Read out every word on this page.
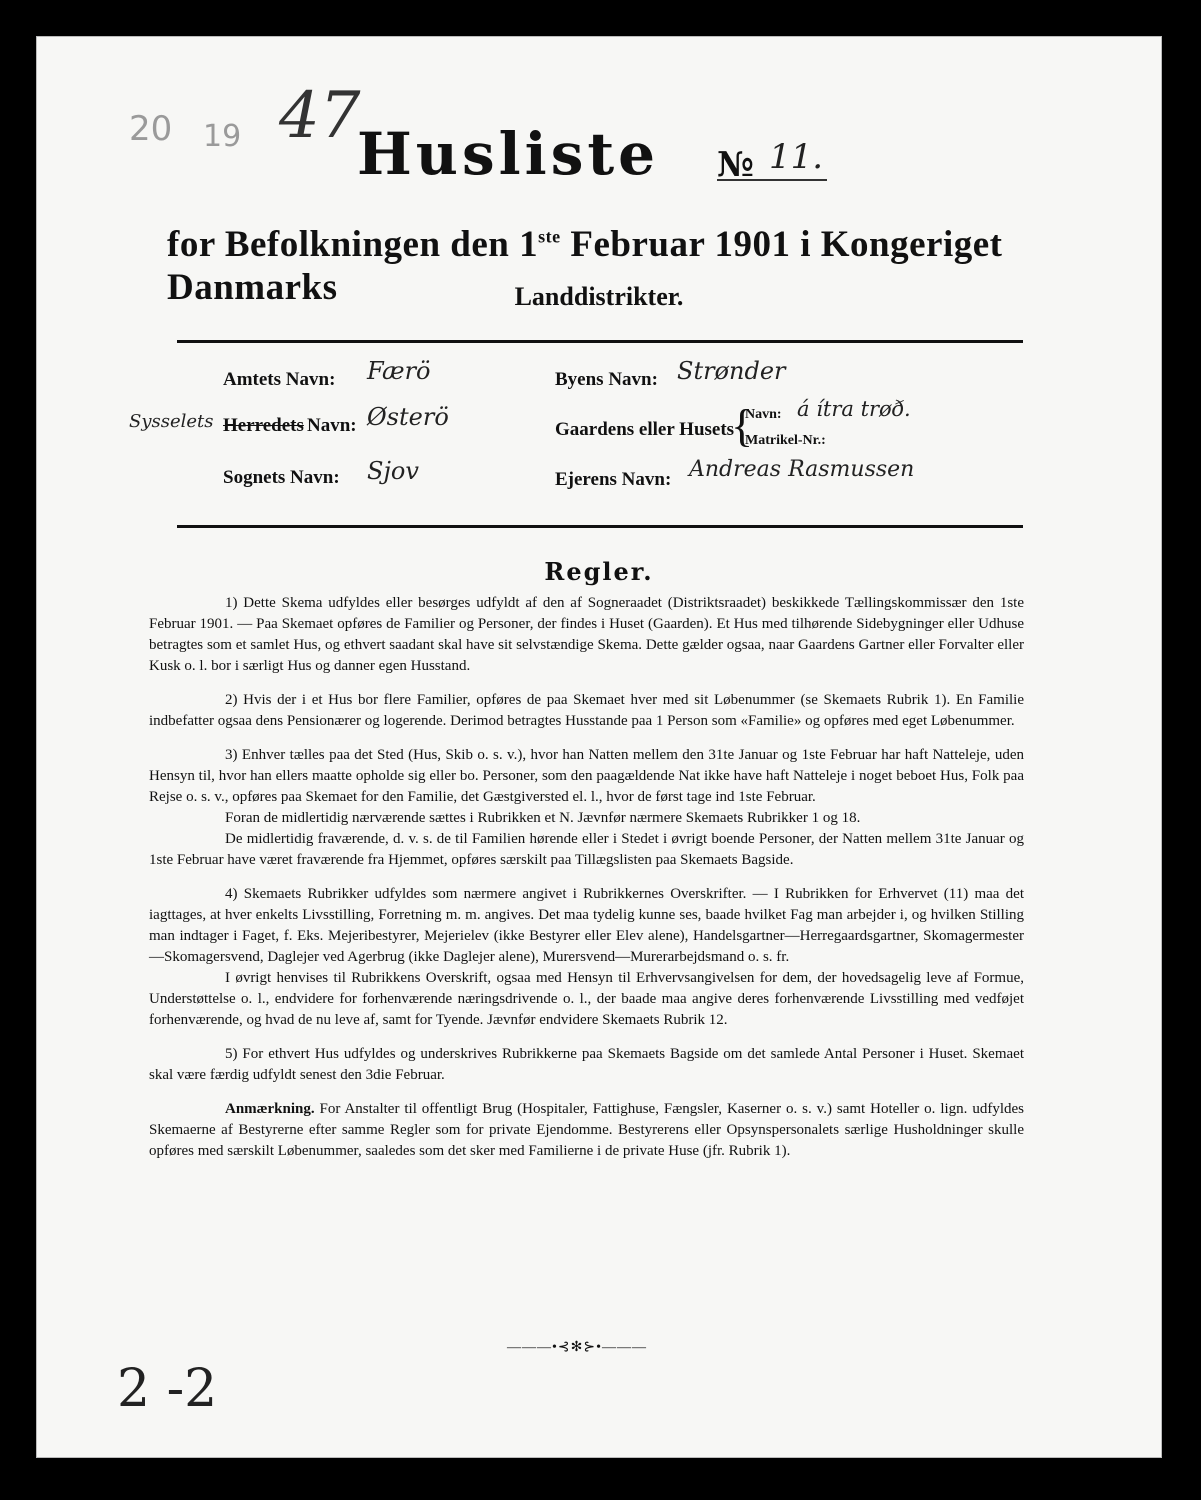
20 19 47
Husliste № 11.
for Befolkningen den 1ste Februar 1901 i Kongeriget Danmarks	Landdistrikter.
Sysselets
Amtets Navn: Færö
Herredets Navn: Østerö
Sognets Navn: Sjov
Byens Navn: Strønder
Gaardens eller Husets
{
Navn: á ítra trøð.
Matrikel-Nr.:
Ejerens Navn: Andreas Rasmussen
Regler.

1) Dette Skema udfyldes eller besørges udfyldt af den af Sogneraadet (Distriktsraadet) beskikkede Tællingskommissær den 1ste Februar 1901. — Paa Skemaet opføres de Familier og Personer, der findes i Huset (Gaarden). Et Hus med tilhørende Sidebygninger eller Udhuse betragtes som et samlet Hus, og ethvert saadant skal have sit selvstændige Skema. Dette gælder ogsaa, naar Gaardens Gartner eller Forvalter eller Kusk o. l. bor i særligt Hus og danner egen Husstand.

2) Hvis der i et Hus bor flere Familier, opføres de paa Skemaet hver med sit Løbenummer (se Skemaets Rubrik 1). En Familie indbefatter ogsaa dens Pensionærer og logerende. Derimod betragtes Husstande paa 1 Person som «Familie» og opføres med eget Løbenummer.

3) Enhver tælles paa det Sted (Hus, Skib o. s. v.), hvor han Natten mellem den 31te Januar og 1ste Februar har haft Natteleje, uden Hensyn til, hvor han ellers maatte opholde sig eller bo. Personer, som den paagældende Nat ikke have haft Natteleje i noget beboet Hus, Folk paa Rejse o. s. v., opføres paa Skemaet for den Familie, det Gæstgiversted el. l., hvor de først tage ind 1ste Februar.

Foran de midlertidig nærværende sættes i Rubrikken et N. Jævnfør nærmere Skemaets Rubrikker 1 og 18.

De midlertidig fraværende, d. v. s. de til Familien hørende eller i Stedet i øvrigt boende Personer, der Natten mellem 31te Januar og 1ste Februar have været fraværende fra Hjemmet, opføres særskilt paa Tillægslisten paa Skemaets Bagside.

4) Skemaets Rubrikker udfyldes som nærmere angivet i Rubrikkernes Overskrifter. — I Rubrikken for Erhvervet (11) maa det iagttages, at hver enkelts Livsstilling, Forretning m. m. angives. Det maa tydelig kunne ses, baade hvilket Fag man arbejder i, og hvilken Stilling man indtager i Faget, f. Eks. Mejeribestyrer, Mejerielev (ikke Bestyrer eller Elev alene), Handelsgartner—Herregaardsgartner, Skomagermester—Skomagersvend, Daglejer ved Agerbrug (ikke Daglejer alene), Murersvend—Murerarbejdsmand o. s. fr.

I øvrigt henvises til Rubrikkens Overskrift, ogsaa med Hensyn til Erhvervsangivelsen for dem, der hovedsagelig leve af Formue, Understøttelse o. l., endvidere for forhenværende næringsdrivende o. l., der baade maa angive deres forhenværende Livsstilling med vedføjet forhenværende, og hvad de nu leve af, samt for Tyende. Jævnfør endvidere Skemaets Rubrik 12.

5) For ethvert Hus udfyldes og underskrives Rubrikkerne paa Skemaets Bagside om det samlede Antal Personer i Huset. Skemaet skal være færdig udfyldt senest den 3die Februar.

Anmærkning. For Anstalter til offentligt Brug (Hospitaler, Fattighuse, Fængsler, Kaserner o. s. v.) samt Hoteller o. lign. udfyldes Skemaerne af Bestyrerne efter samme Regler som for private Ejendomme. Bestyrerens eller Opsynspersonalets særlige Husholdninger skulle opføres med særskilt Løbenummer, saaledes som det sker med Familierne i de private Huse (jfr. Rubrik 1).

———•⊰✻⊱•———
2 -2
